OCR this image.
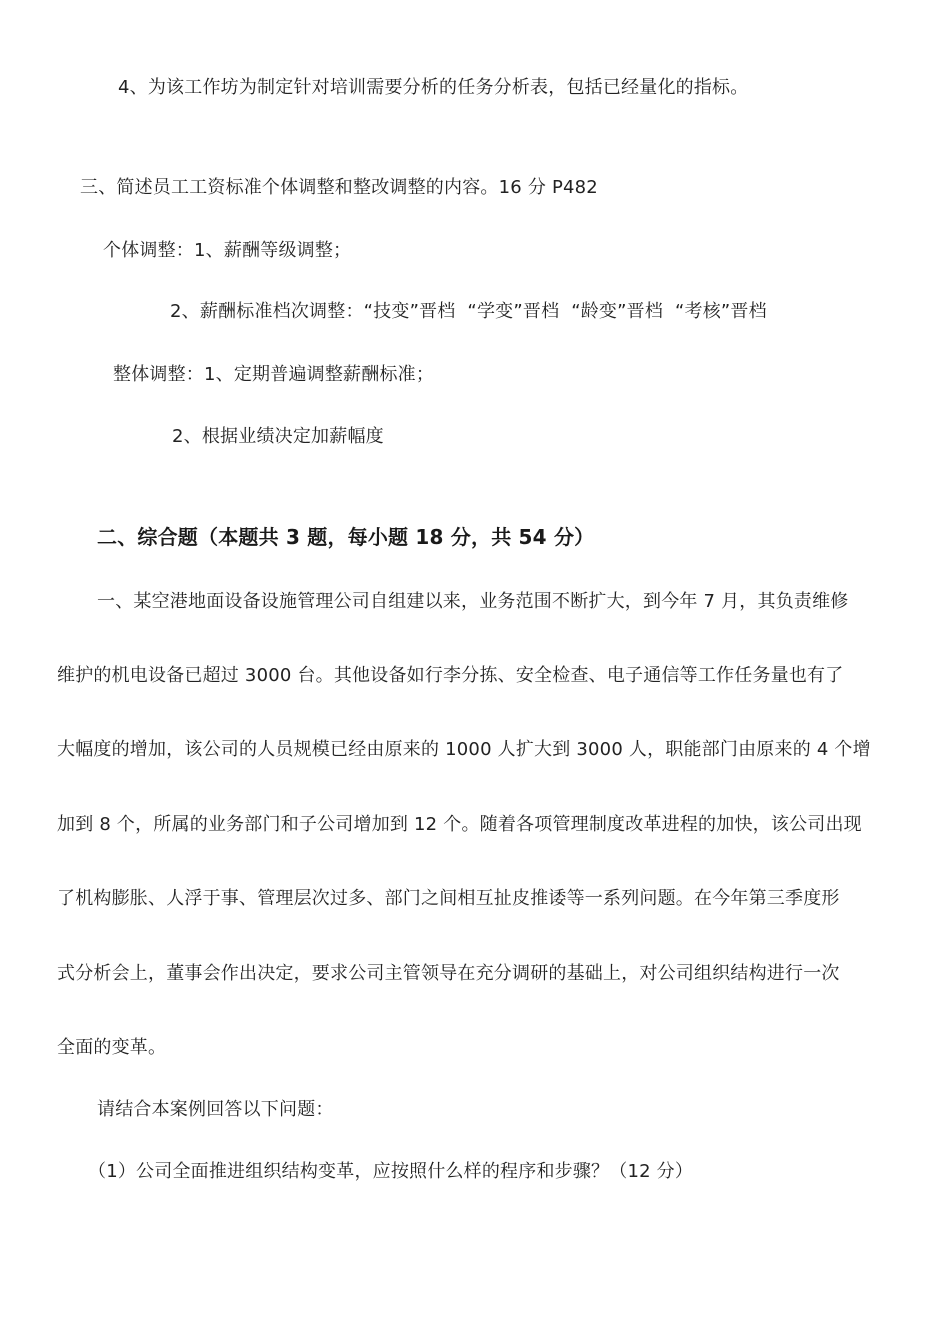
4、为该工作坊为制定针对培训需要分析的任务分析表，包括已经量化的指标。
三、简述员工工资标准个体调整和整改调整的内容。16 分 P482
个体调整：1、薪酬等级调整；
2、薪酬标准档次调整：“技变”晋档 “学变”晋档 “龄变”晋档 “考核”晋档
整体调整：1、定期普遍调整薪酬标准；
2、根据业绩决定加薪幅度
二、综合题（本题共 3 题，每小题 18 分，共 54 分）
一、某空港地面设备设施管理公司自组建以来，业务范围不断扩大，到今年 7 月，其负责维修
维护的机电设备已超过 3000 台。其他设备如行李分拣、安全检查、电子通信等工作任务量也有了
大幅度的增加，该公司的人员规模已经由原来的 1000 人扩大到 3000 人，职能部门由原来的 4 个增
加到 8 个，所属的业务部门和子公司增加到 12 个。随着各项管理制度改革进程的加快，该公司出现
了机构膨胀、人浮于事、管理层次过多、部门之间相互扯皮推诿等一系列问题。在今年第三季度形
式分析会上，董事会作出决定，要求公司主管领导在充分调研的基础上，对公司组织结构进行一次
全面的变革。
请结合本案例回答以下问题：
（1）公司全面推进组织结构变革，应按照什么样的程序和步骤？（12 分）
